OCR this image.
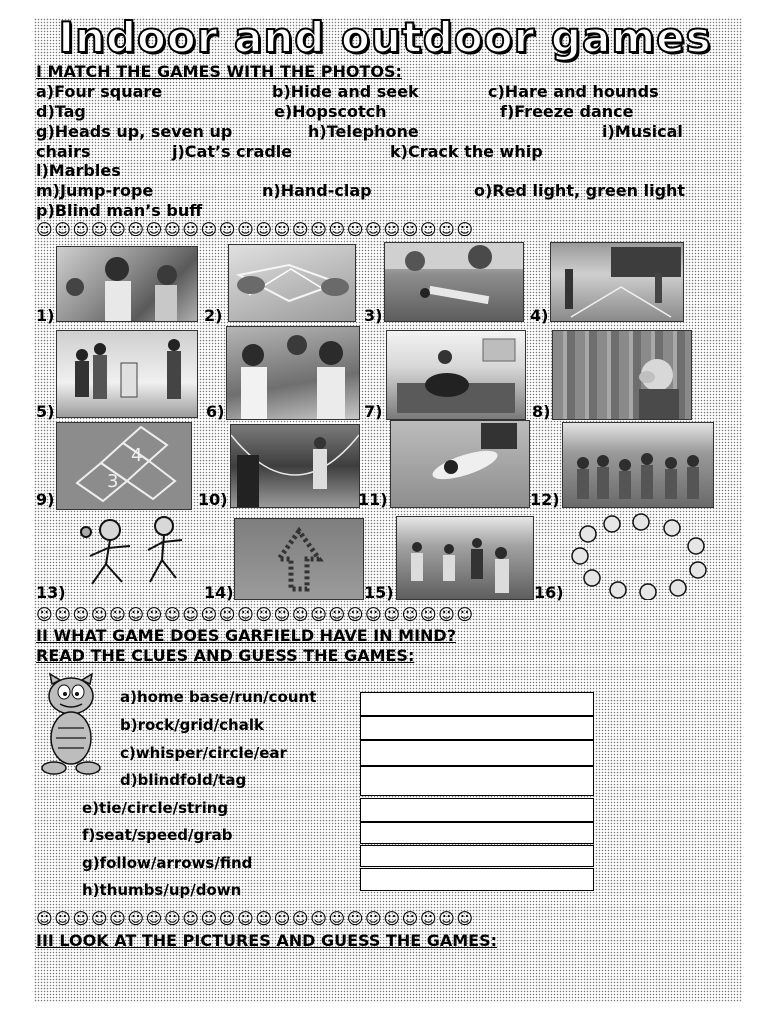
Indoor and outdoor games
I MATCH THE GAMES WITH THE PHOTOS:
a)Four square	b)Hide and seek	c)Hare and hounds
d)Tag	e)Hopscotch	f)Freeze dance
g)Heads up, seven up	h)Telephone	i)Musical
chairs	j)Cat’s cradle	k)Crack the whip
l)Marbles
m)Jump-rope	n)Hand-clap	o)Red light, green light
p)Blind man’s buff
☺☺☺☺☺☺☺☺☺☺☺☺☺☺☺☺☺☺☺☺☺☺☺☺
1)	2)	3)	4)
5)	6)	7)	8)
3
4
9)	10)	11)	12)
13)	14)	15)	16)
☺☺☺☺☺☺☺☺☺☺☺☺☺☺☺☺☺☺☺☺☺☺☺☺
II WHAT GAME DOES GARFIELD HAVE IN MIND?
READ THE CLUES AND GUESS THE GAMES:
a)home base/run/count
b)rock/grid/chalk
c)whisper/circle/ear
d)blindfold/tag
e)tie/circle/string
f)seat/speed/grab
g)follow/arrows/find
h)thumbs/up/down
☺☺☺☺☺☺☺☺☺☺☺☺☺☺☺☺☺☺☺☺☺☺☺☺
III LOOK AT THE PICTURES AND GUESS THE GAMES:
